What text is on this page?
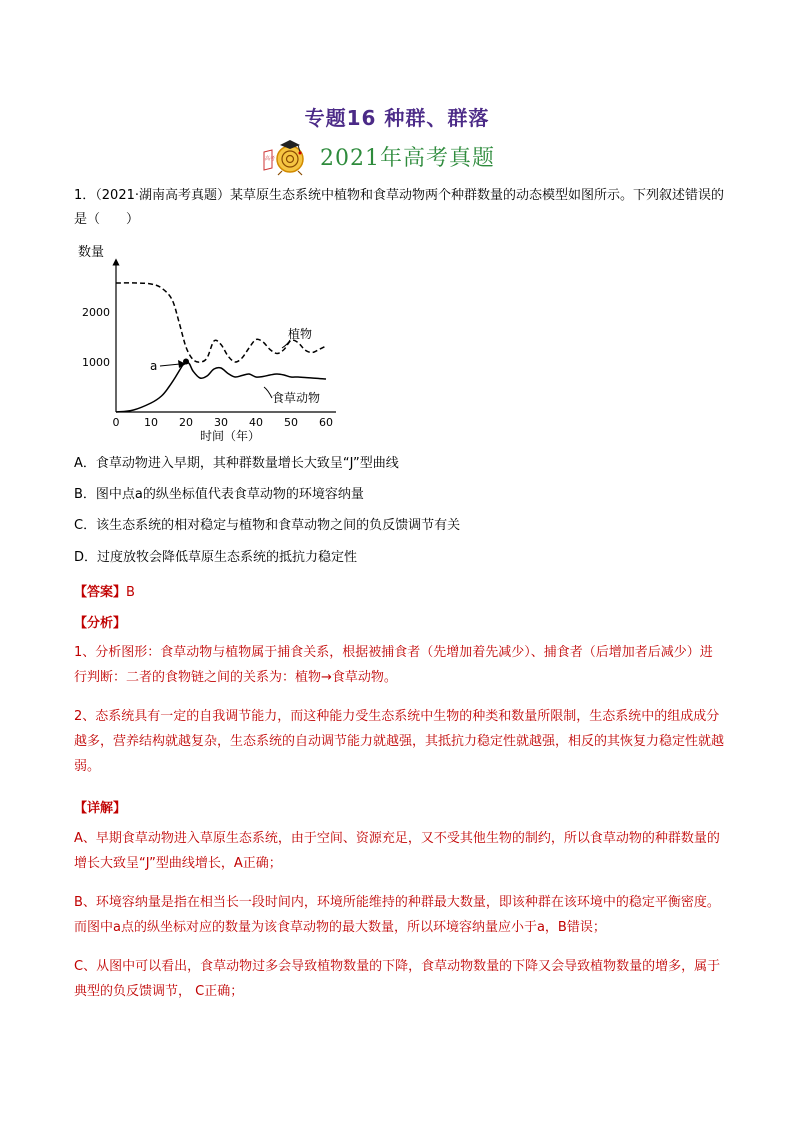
专题16 种群、群落
高考 2021年高考真题
1．（2021·湖南高考真题）某草原生态系统中植物和食草动物两个种群数量的动态模型如图所示。下列叙述错误的是（　　）
数量
1000
2000
0 10 20 30 40 50 60
a
植物
食草动物
时间（年）
A．食草动物进入早期，其种群数量增长大致呈“J”型曲线
B．图中点a的纵坐标值代表食草动物的环境容纳量
C．该生态系统的相对稳定与植物和食草动物之间的负反馈调节有关
D．过度放牧会降低草原生态系统的抵抗力稳定性
【答案】B
【分析】
1、分析图形：食草动物与植物属于捕食关系，根据被捕食者（先增加着先减少）、捕食者（后增加者后减少）进行判断：二者的食物链之间的关系为：植物→食草动物。
2、态系统具有一定的自我调节能力，而这种能力受生态系统中生物的种类和数量所限制，生态系统中的组成成分越多，营养结构就越复杂，生态系统的自动调节能力就越强，其抵抗力稳定性就越强，相反的其恢复力稳定性就越弱。
【详解】
A、早期食草动物进入草原生态系统，由于空间、资源充足，又不受其他生物的制约，所以食草动物的种群数量的增长大致呈“J”型曲线增长，A正确；
B、环境容纳量是指在相当长一段时间内，环境所能维持的种群最大数量，即该种群在该环境中的稳定平衡密度。而图中a点的纵坐标对应的数量为该食草动物的最大数量，所以环境容纳量应小于a，B错误；
C、从图中可以看出，食草动物过多会导致植物数量的下降，食草动物数量的下降又会导致植物数量的增多，属于典型的负反馈调节， C正确；
